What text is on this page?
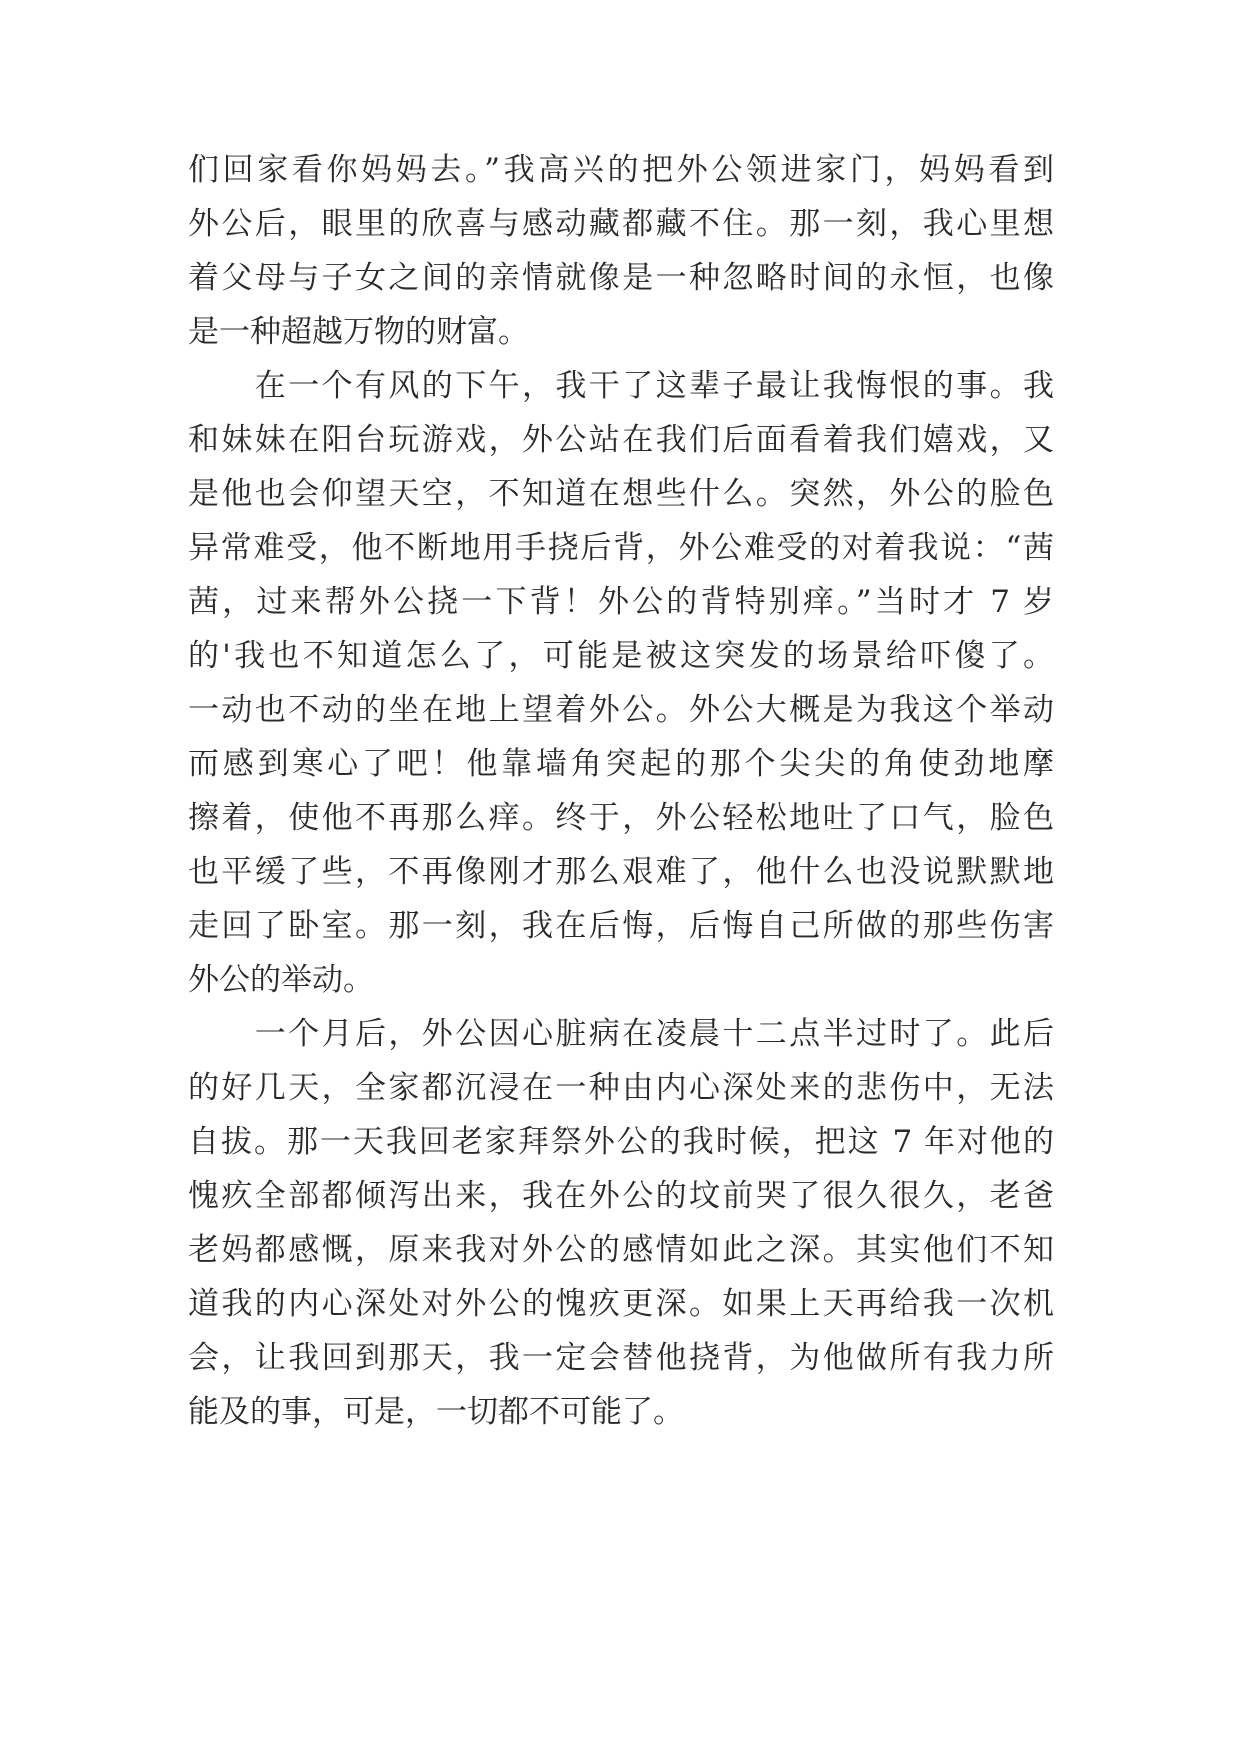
们回家看你妈妈去。”我高兴的把外公领进家门，妈妈看到
外公后，眼里的欣喜与感动藏都藏不住。那一刻，我心里想
着父母与子女之间的亲情就像是一种忽略时间的永恒，也像
是一种超越万物的财富。
　　在一个有风的下午，我干了这辈子最让我悔恨的事。我
和妹妹在阳台玩游戏，外公站在我们后面看着我们嬉戏，又
是他也会仰望天空，不知道在想些什么。突然，外公的脸色
异常难受，他不断地用手挠后背，外公难受的对着我说：“茜
茜，过来帮外公挠一下背！外公的背特别痒。”当时才 7 岁
的'我也不知道怎么了，可能是被这突发的场景给吓傻了。
一动也不动的坐在地上望着外公。外公大概是为我这个举动
而感到寒心了吧！他靠墙角突起的那个尖尖的角使劲地摩
擦着，使他不再那么痒。终于，外公轻松地吐了口气，脸色
也平缓了些，不再像刚才那么艰难了，他什么也没说默默地
走回了卧室。那一刻，我在后悔，后悔自己所做的那些伤害
外公的举动。
　　一个月后，外公因心脏病在凌晨十二点半过时了。此后
的好几天，全家都沉浸在一种由内心深处来的悲伤中，无法
自拔。那一天我回老家拜祭外公的我时候，把这 7 年对他的
愧疚全部都倾泻出来，我在外公的坟前哭了很久很久，老爸
老妈都感慨，原来我对外公的感情如此之深。其实他们不知
道我的内心深处对外公的愧疚更深。如果上天再给我一次机
会，让我回到那天，我一定会替他挠背，为他做所有我力所
能及的事，可是，一切都不可能了。
